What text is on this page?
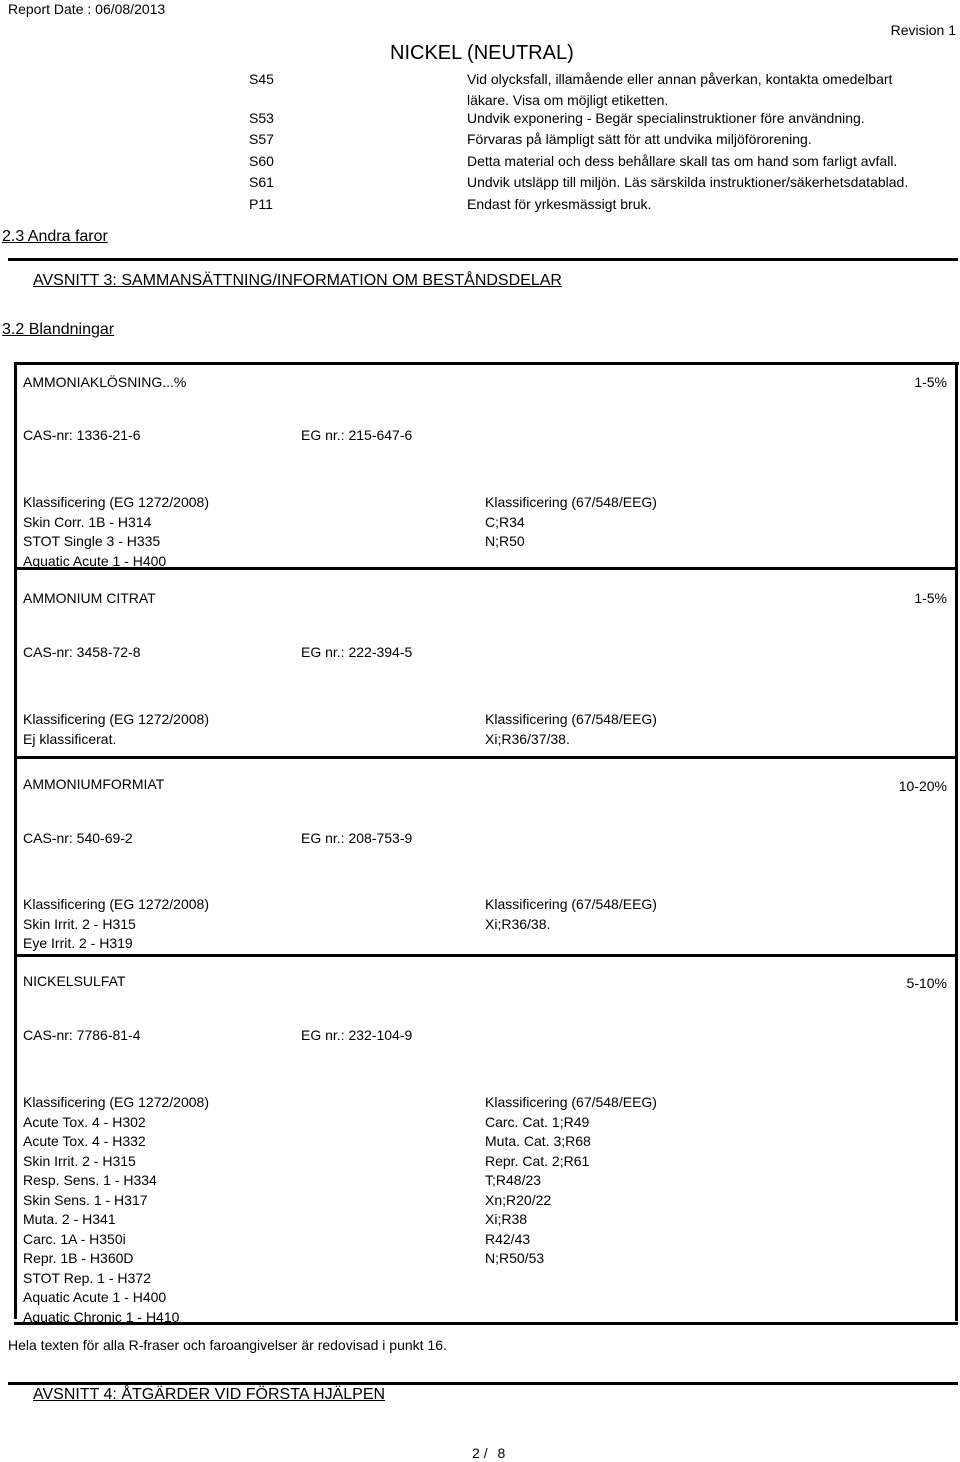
Report Date : 06/08/2013
NICKEL (NEUTRAL)
Revision 1
S45	Vid olycksfall, illamående eller annan påverkan, kontakta omedelbart
läkare. Visa om möjligt etiketten.
S53	Undvik exponering - Begär specialinstruktioner före användning.
S57	Förvaras på lämpligt sätt för att undvika miljöförorening.
S60	Detta material och dess behållare skall tas om hand som farligt avfall.
S61	Undvik utsläpp till miljön. Läs särskilda instruktioner/säkerhetsdatablad.
P11	Endast för yrkesmässigt bruk.
2.3 Andra faror
AVSNITT 3: SAMMANSÄTTNING/INFORMATION OM BESTÅNDSDELAR
3.2 Blandningar
AMMONIAKLÖSNING...%	1-5%
CAS-nr: 1336-21-6	EG nr.: 215-647-6
Klassificering (EG 1272/2008)
Skin Corr. 1B - H314
STOT Single 3 - H335
Aquatic Acute 1 - H400
Klassificering (67/548/EEG)
C;R34
N;R50
AMMONIUM CITRAT	1-5%
CAS-nr: 3458-72-8	EG nr.: 222-394-5
Klassificering (EG 1272/2008)
Ej klassificerat.
Klassificering (67/548/EEG)
Xi;R36/37/38.
AMMONIUMFORMIAT	10-20%
CAS-nr: 540-69-2	EG nr.: 208-753-9
Klassificering (EG 1272/2008)
Skin Irrit. 2 - H315
Eye Irrit. 2 - H319
Klassificering (67/548/EEG)
Xi;R36/38.
NICKELSULFAT	5-10%
CAS-nr: 7786-81-4	EG nr.: 232-104-9
Klassificering (EG 1272/2008)
Acute Tox. 4 - H302
Acute Tox. 4 - H332
Skin Irrit. 2 - H315
Resp. Sens. 1 - H334
Skin Sens. 1 - H317
Muta. 2 - H341
Carc. 1A - H350i
Repr. 1B - H360D
STOT Rep. 1 - H372
Aquatic Acute 1 - H400
Aquatic Chronic 1 - H410
Klassificering (67/548/EEG)
Carc. Cat. 1;R49
Muta. Cat. 3;R68
Repr. Cat. 2;R61
T;R48/23
Xn;R20/22
Xi;R38
R42/43
N;R50/53
Hela texten för alla R-fraser och faroangivelser är redovisad i punkt 16.
AVSNITT 4: ÅTGÄRDER VID FÖRSTA HJÄLPEN
2 / 8
